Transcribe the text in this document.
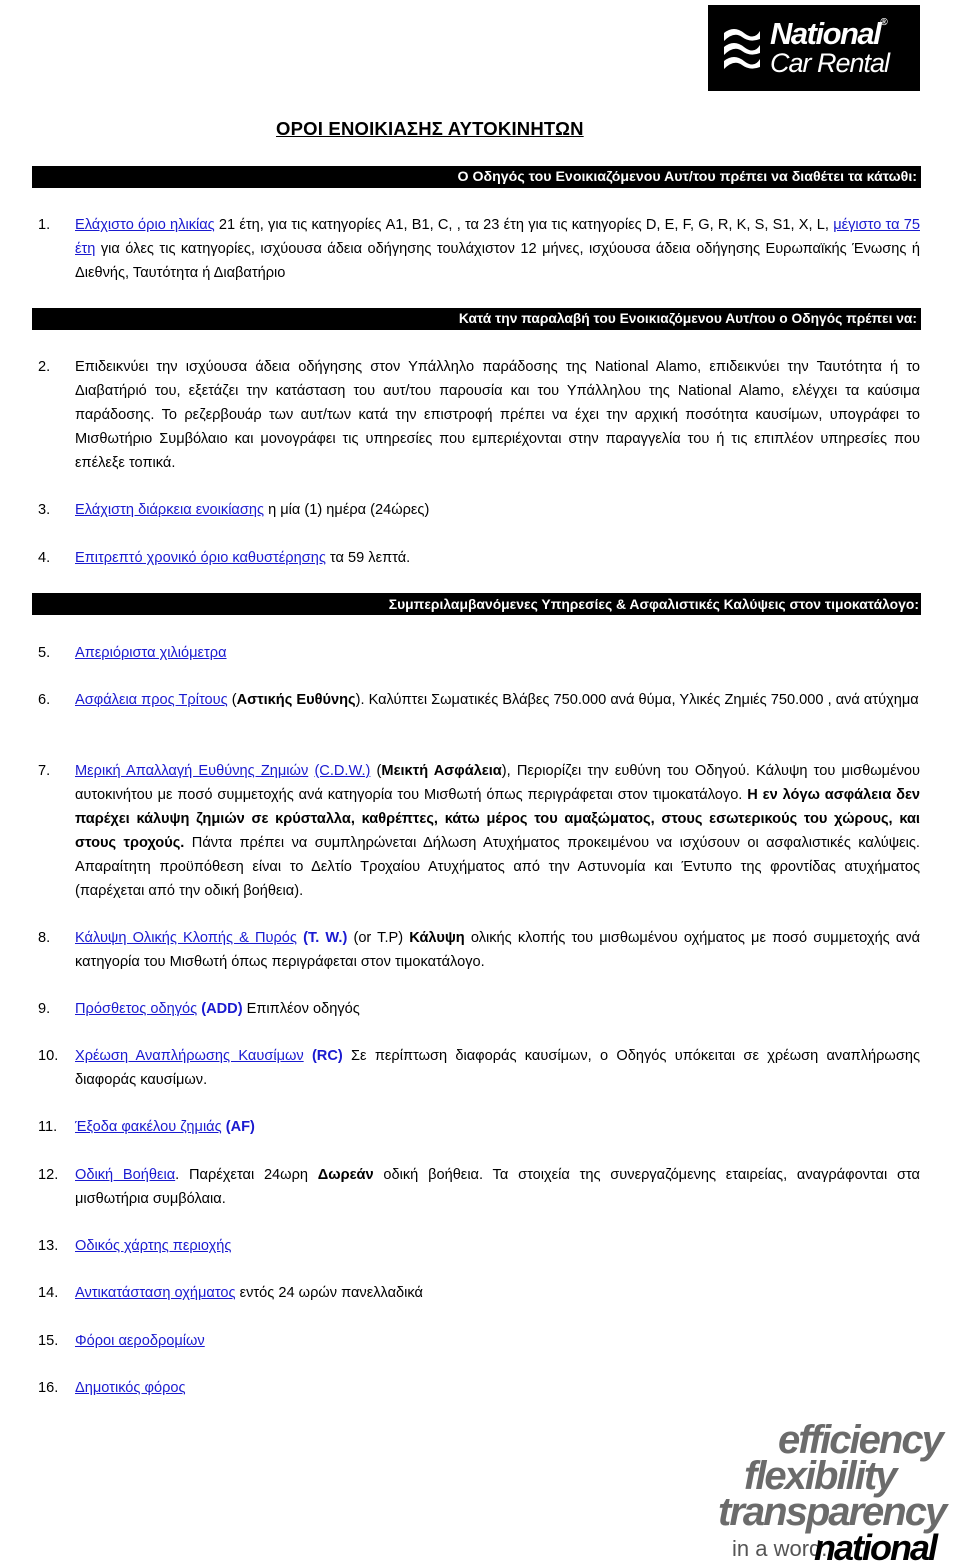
National®
Car Rental
ΟΡΟΙ ΕΝΟΙΚΙΑΣΗΣ ΑΥΤΟΚΙΝΗΤΩΝ
Ο Οδηγός του Ενοικιαζόμενου Αυτ/του πρέπει να διαθέτει τα κάτωθι:
1. Ελάχιστο όριο ηλικίας 21 έτη, για τις κατηγορίες A1, B1, C, , τα 23 έτη για τις κατηγορίες D, E, F, G, R, K, S, S1, X, L, μέγιστο τα 75 έτη για όλες τις κατηγορίες, ισχύουσα άδεια οδήγησης τουλάχιστον 12 μήνες, ισχύουσα άδεια οδήγησης Ευρωπαϊκής Ένωσης ή Διεθνής, Ταυτότητα ή Διαβατήριο
Κατά την παραλαβή του Ενοικιαζόμενου Αυτ/του ο Οδηγός πρέπει να:
2. Επιδεικνύει την ισχύουσα άδεια οδήγησης στον Υπάλληλο παράδοσης της National Alamo, επιδεικνύει την Ταυτότητα ή το Διαβατήριό του, εξετάζει την κατάσταση του αυτ/του παρουσία και του Υπάλληλου της National Alamo, ελέγχει τα καύσιμα παράδοσης. Το ρεζερβουάρ των αυτ/των κατά την επιστροφή πρέπει να έχει την αρχική ποσότητα καυσίμων, υπογράφει το Μισθωτήριο Συμβόλαιο και μονογράφει τις υπηρεσίες που εμπεριέχονται στην παραγγελία του ή τις επιπλέον υπηρεσίες που επέλεξε τοπικά.
3. Ελάχιστη διάρκεια ενοικίασης η μία (1) ημέρα (24ώρες)
4. Επιτρεπτό χρονικό όριο καθυστέρησης τα 59 λεπτά.
Συμπεριλαμβανόμενες Υπηρεσίες & Ασφαλιστικές Καλύψεις στον τιμοκατάλογο:
5. Απεριόριστα χιλιόμετρα
6. Ασφάλεια προς Τρίτους (Αστικής Ευθύνης). Καλύπτει Σωματικές Βλάβες 750.000 ανά θύμα, Υλικές Ζημιές 750.000 , ανά ατύχημα
7. Μερική Απαλλαγή Ευθύνης Ζημιών (C.D.W.) (Μεικτή Ασφάλεια), Περιορίζει την ευθύνη του Οδηγού. Κάλυψη του μισθωμένου αυτοκινήτου με ποσό συμμετοχής ανά κατηγορία του Μισθωτή όπως περιγράφεται στον τιμοκατάλογο. Η εν λόγω ασφάλεια δεν παρέχει κάλυψη ζημιών σε κρύσταλλα, καθρέπτες, κάτω μέρος του αμαξώματος, στους εσωτερικούς του χώρους, και στους τροχούς. Πάντα πρέπει να συμπληρώνεται Δήλωση Ατυχήματος προκειμένου να ισχύσουν οι ασφαλιστικές καλύψεις. Απαραίτητη προϋπόθεση είναι το Δελτίο Τροχαίου Ατυχήματος από την Αστυνομία και Έντυπο της φροντίδας ατυχήματος (παρέχεται από την οδική βοήθεια).
8. Κάλυψη Ολικής Κλοπής & Πυρός (T. W.) (or T.P) Κάλυψη ολικής κλοπής του μισθωμένου οχήματος με ποσό συμμετοχής ανά κατηγορία του Μισθωτή όπως περιγράφεται στον τιμοκατάλογο.
9. Πρόσθετος οδηγός (ADD) Επιπλέον οδηγός
10. Χρέωση Αναπλήρωσης Καυσίμων (RC) Σε περίπτωση διαφοράς καυσίμων, ο Οδηγός υπόκειται σε χρέωση αναπλήρωσης διαφοράς καυσίμων.
11. Έξοδα φακέλου ζημιάς (AF)
12. Οδική Βοήθεια. Παρέχεται 24ωρη Δωρεάν οδική βοήθεια. Τα στοιχεία της συνεργαζόμενης εταιρείας, αναγράφονται στα μισθωτήρια συμβόλαια.
13. Οδικός χάρτης περιοχής
14. Αντικατάσταση οχήματος εντός 24 ωρών πανελλαδικά
15. Φόροι αεροδρομίων
16. Δημοτικός φόρος
efficiency
flexibility
transparency
in a word.
national
